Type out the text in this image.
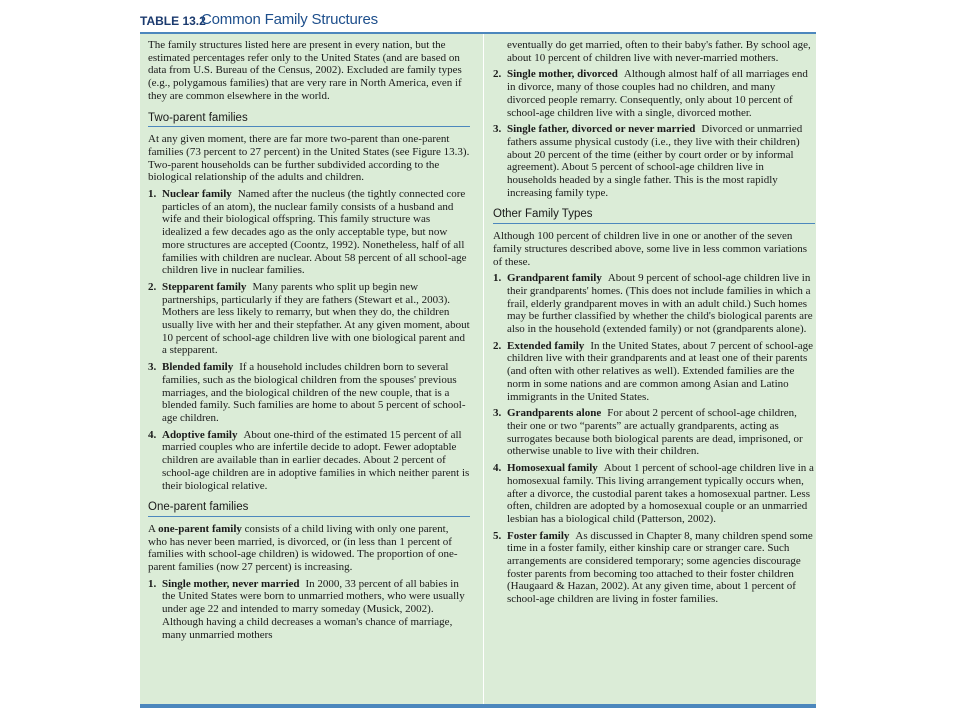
TABLE 13.2
Common Family Structures

The family structures listed here are present in every nation, but the estimated percentages refer only to the United States (and are based on data from U.S. Bureau of the Census, 2002). Excluded are family types (e.g., polygamous families) that are very rare in North America, even if they are common elsewhere in the world.

Two-parent families

At any given moment, there are far more two-parent than one-parent families (73 percent to 27 percent) in the United States (see Figure 13.3). Two-parent households can be further subdivided according to the biological relationship of the adults and children.

1. Nuclear family Named after the nucleus (the tightly connected core particles of an atom), the nuclear family consists of a husband and wife and their biological offspring. This family structure was idealized a few decades ago as the only acceptable type, but now more structures are accepted (Coontz, 1992). Nonetheless, half of all families with children are nuclear. About 58 percent of all school-age children live in nuclear families.
2. Stepparent family Many parents who split up begin new partnerships, particularly if they are fathers (Stewart et al., 2003). Mothers are less likely to remarry, but when they do, the children usually live with her and their stepfather. At any given moment, about 10 percent of school-age children live with one biological parent and a stepparent.
3. Blended family If a household includes children born to several families, such as the biological children from the spouses' previous marriages, and the biological children of the new couple, that is a blended family. Such families are home to about 5 percent of school-age children.
4. Adoptive family About one-third of the estimated 15 percent of all married couples who are infertile decide to adopt. Fewer adoptable children are available than in earlier decades. About 2 percent of school-age children are in adoptive families in which neither parent is their biological relative.
One-parent families

A one-parent family consists of a child living with only one parent, who has never been married, is divorced, or (in less than 1 percent of families with school-age children) is widowed. The proportion of one-parent families (now 27 percent) is increasing.

1. Single mother, never married In 2000, 33 percent of all babies in the United States were born to unmarried mothers, who were usually under age 22 and intended to marry someday (Musick, 2002). Although having a child decreases a woman's chance of marriage, many unmarried mothers

eventually do get married, often to their baby's father. By school age, about 10 percent of children live with never-married mothers.

2. Single mother, divorced Although almost half of all marriages end in divorce, many of those couples had no children, and many divorced people remarry. Consequently, only about 10 percent of school-age children live with a single, divorced mother.
3. Single father, divorced or never married Divorced or unmarried fathers assume physical custody (i.e., they live with their children) about 20 percent of the time (either by court order or by informal agreement). About 5 percent of school-age children live in households headed by a single father. This is the most rapidly increasing family type.
Other Family Types

Although 100 percent of children live in one or another of the seven family structures described above, some live in less common variations of these.

1. Grandparent family About 9 percent of school-age children live in their grandparents' homes. (This does not include families in which a frail, elderly grandparent moves in with an adult child.) Such homes may be further classified by whether the child's biological parents are also in the household (extended family) or not (grandparents alone).
2. Extended family In the United States, about 7 percent of school-age children live with their grandparents and at least one of their parents (and often with other relatives as well). Extended families are the norm in some nations and are common among Asian and Latino immigrants in the United States.
3. Grandparents alone For about 2 percent of school-age children, their one or two “parents” are actually grandparents, acting as surrogates because both biological parents are dead, imprisoned, or otherwise unable to live with their children.
4. Homosexual family About 1 percent of school-age children live in a homosexual family. This living arrangement typically occurs when, after a divorce, the custodial parent takes a homosexual partner. Less often, children are adopted by a homosexual couple or an unmarried lesbian has a biological child (Patterson, 2002).
5. Foster family As discussed in Chapter 8, many children spend some time in a foster family, either kinship care or stranger care. Such arrangements are considered temporary; some agencies discourage foster parents from becoming too attached to their foster children (Haugaard & Hazan, 2002). At any given time, about 1 percent of school-age children are living in foster families.
